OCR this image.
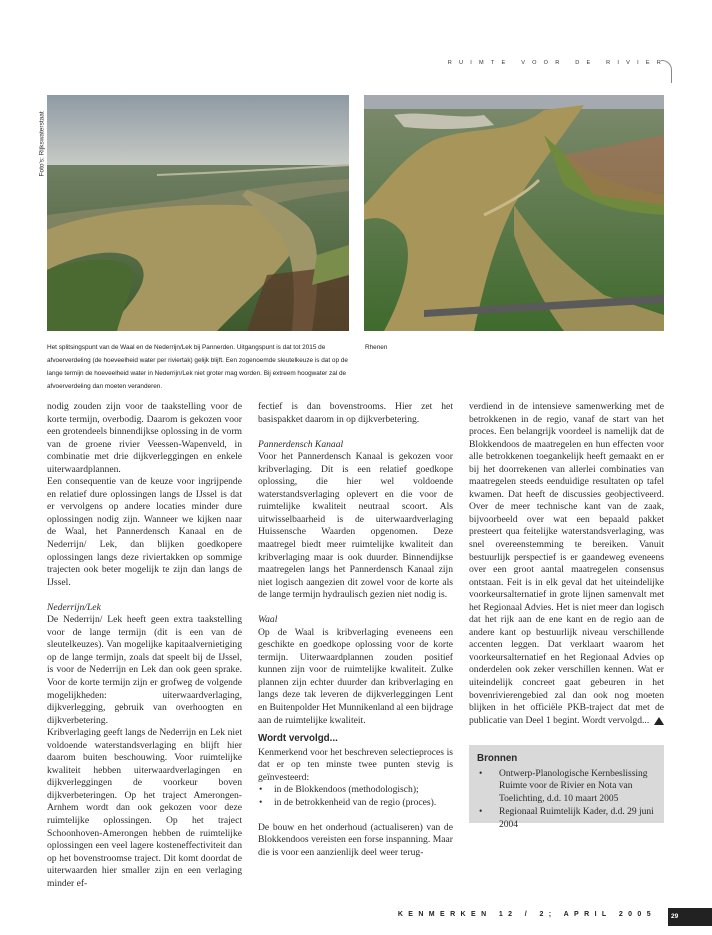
RUIMTE VOOR DE RIVIER
Foto's: Rijkswaterstaat
Het splitsingspunt van de Waal en de Nederrijn/Lek bij Pannerden. Uitgangspunt is dat tot 2015 de afvoerverdeling (de hoeveelheid water per riviertak) gelijk blijft. Een zogenoemde sleutelkeuze is dat op de lange termijn de hoeveelheid water in Nederrijn/Lek niet groter mag worden. Bij extreem hoogwater zal de afvoerverdeling dan moeten veranderen.
Rhenen

nodig zouden zijn voor de taakstelling voor de korte termijn, overbodig. Daarom is gekozen voor een grotendeels binnendijkse oplossing in de vorm van de groene rivier Veessen-Wapenveld, in combinatie met drie dijkverleggingen en enkele uiterwaardplannen.

Een consequentie van de keuze voor ingrijpende en relatief dure oplossingen langs de IJssel is dat er vervolgens op andere locaties minder dure oplossingen nodig zijn. Wanneer we kijken naar de Waal, het Pannerdensch Kanaal en de Nederrijn/ Lek, dan blijken goedkopere oplossingen langs deze riviertakken op sommige trajecten ook beter mogelijk te zijn dan langs de IJssel.

Nederrijn/Lek

De Nederrijn/ Lek heeft geen extra taakstelling voor de lange termijn (dit is een van de sleutelkeuzes). Van mogelijke kapitaalvernietiging op de lange termijn, zoals dat speelt bij de IJssel, is voor de Nederrijn en Lek dan ook geen sprake. Voor de korte termijn zijn er grofweg de volgende mogelijkheden: uiterwaardverlaging, dijkverlegging, gebruik van overhoogten en dijkverbetering.

Kribverlaging geeft langs de Nederrijn en Lek niet voldoende waterstandsverlaging en blijft hier daarom buiten beschouwing. Voor ruimtelijke kwaliteit hebben uiterwaardverlagingen en dijkverleggingen de voorkeur boven dijkverbeteringen. Op het traject Amerongen-Arnhem wordt dan ook gekozen voor deze ruimtelijke oplossingen. Op het traject Schoonhoven-Amerongen hebben de ruimtelijke oplossingen een veel lagere kosteneffectiviteit dan op het bovenstroomse traject. Dit komt doordat de uiterwaarden hier smaller zijn en een verlaging minder ef-

fectief is dan bovenstrooms. Hier zet het basispakket daarom in op dijkverbetering.

Pannerdensch Kanaal

Voor het Pannerdensch Kanaal is gekozen voor kribverlaging. Dit is een relatief goedkope oplossing, die hier wel voldoende waterstandsverlaging oplevert en die voor de ruimtelijke kwaliteit neutraal scoort. Als uitwisselbaarheid is de uiterwaardverlaging Huissensche Waarden opgenomen. Deze maatregel biedt meer ruimtelijke kwaliteit dan kribverlaging maar is ook duurder. Binnendijkse maatregelen langs het Pannerdensch Kanaal zijn niet logisch aangezien dit zowel voor de korte als de lange termijn hydraulisch gezien niet nodig is.

Waal

Op de Waal is kribverlaging eveneens een geschikte en goedkope oplossing voor de korte termijn. Uiterwaardplannen zouden positief kunnen zijn voor de ruimtelijke kwaliteit. Zulke plannen zijn echter duurder dan kribverlaging en langs deze tak leveren de dijkverleggingen Lent en Buitenpolder Het Munnikenland al een bijdrage aan de ruimtelijke kwaliteit.

Wordt vervolgd...

Kenmerkend voor het beschreven selectieproces is dat er op ten minste twee punten stevig is geïnvesteerd:

• in de Blokkendoos (methodologisch);
• in de betrokkenheid van de regio (proces).

De bouw en het onderhoud (actualiseren) van de Blokkendoos vereisten een forse inspanning. Maar die is voor een aanzienlijk deel weer terug-

verdiend in de intensieve samenwerking met de betrokkenen in de regio, vanaf de start van het proces. Een belangrijk voordeel is namelijk dat de Blokkendoos de maatregelen en hun effecten voor alle betrokkenen toegankelijk heeft gemaakt en er bij het doorrekenen van allerlei combinaties van maatregelen steeds eenduidige resultaten op tafel kwamen. Dat heeft de discussies geobjectiveerd. Over de meer technische kant van de zaak, bijvoorbeeld over wat een bepaald pakket presteert qua feitelijke waterstandsverlaging, was snel overeenstemming te bereiken. Vanuit bestuurlijk perspectief is er gaandeweg eveneens over een groot aantal maatregelen consensus ontstaan. Feit is in elk geval dat het uiteindelijke voorkeursalternatief in grote lijnen samenvalt met het Regionaal Advies. Het is niet meer dan logisch dat het rijk aan de ene kant en de regio aan de andere kant op bestuurlijk niveau verschillende accenten leggen. Dat verklaart waarom het voorkeursalternatief en het Regionaal Advies op onderdelen ook zeker verschillen kennen. Wat er uiteindelijk concreet gaat gebeuren in het bovenrivierengebied zal dan ook nog moeten blijken in het officiële PKB-traject dat met de publicatie van Deel 1 begint. Wordt vervolgd...

Bronnen
• Ontwerp-Planologische Kernbeslissing Ruimte voor de Rivier en Nota van Toelichting, d.d. 10 maart 2005
• Regionaal Ruimtelijk Kader, d.d. 29 juni 2004
KENMERKEN 12 / 2; APRIL 2005 29
